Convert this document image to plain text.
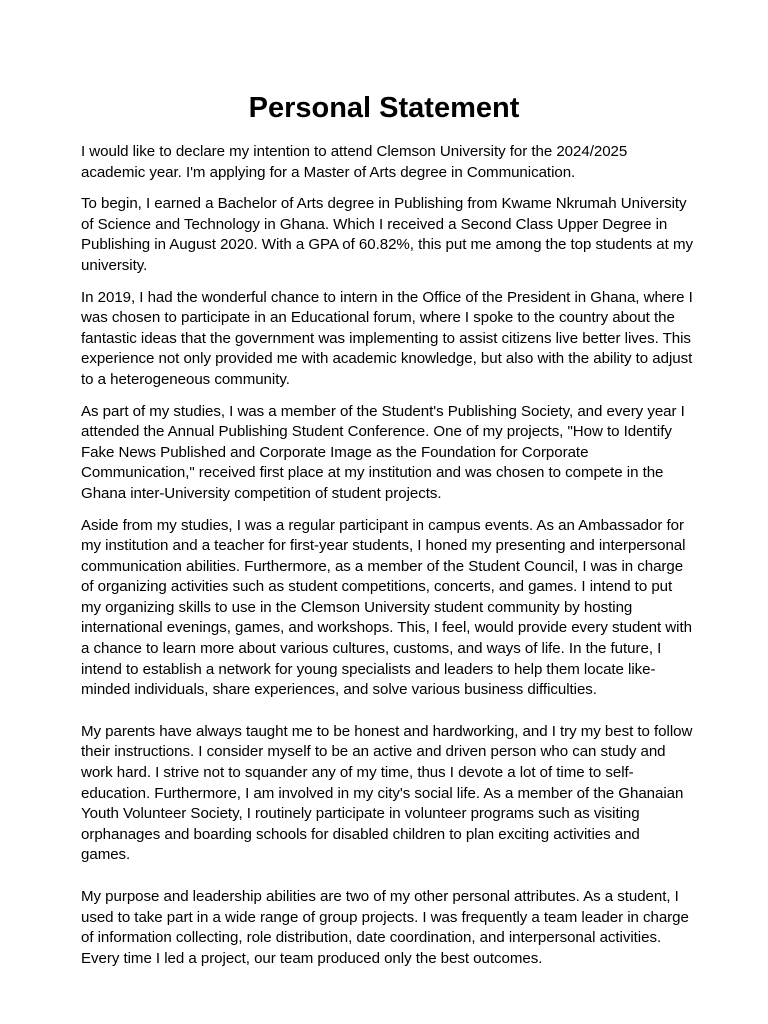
Personal Statement

I would like to declare my intention to attend Clemson University for the 2024/2025 academic year. I'm applying for a Master of Arts degree in Communication.

To begin, I earned a Bachelor of Arts degree in Publishing from Kwame Nkrumah University of Science and Technology in Ghana. Which I received a Second Class Upper Degree in Publishing in August 2020. With a GPA of 60.82%, this put me among the top students at my university.

In 2019, I had the wonderful chance to intern in the Office of the President in Ghana, where I was chosen to participate in an Educational forum, where I spoke to the country about the fantastic ideas that the government was implementing to assist citizens live better lives. This experience not only provided me with academic knowledge, but also with the ability to adjust to a heterogeneous community.

As part of my studies, I was a member of the Student's Publishing Society, and every year I attended the Annual Publishing Student Conference. One of my projects, "How to Identify Fake News Published and Corporate Image as the Foundation for Corporate Communication," received first place at my institution and was chosen to compete in the Ghana inter-University competition of student projects.

Aside from my studies, I was a regular participant in campus events. As an Ambassador for my institution and a teacher for first-year students, I honed my presenting and interpersonal communication abilities. Furthermore, as a member of the Student Council, I was in charge of organizing activities such as student competitions, concerts, and games. I intend to put my organizing skills to use in the Clemson University student community by hosting international evenings, games, and workshops. This, I feel, would provide every student with a chance to learn more about various cultures, customs, and ways of life. In the future, I intend to establish a network for young specialists and leaders to help them locate like-minded individuals, share experiences, and solve various business difficulties.

My parents have always taught me to be honest and hardworking, and I try my best to follow their instructions. I consider myself to be an active and driven person who can study and work hard. I strive not to squander any of my time, thus I devote a lot of time to self-education. Furthermore, I am involved in my city's social life. As a member of the Ghanaian Youth Volunteer Society, I routinely participate in volunteer programs such as visiting orphanages and boarding schools for disabled children to plan exciting activities and games.

My purpose and leadership abilities are two of my other personal attributes. As a student, I used to take part in a wide range of group projects. I was frequently a team leader in charge of information collecting, role distribution, date coordination, and interpersonal activities. Every time I led a project, our team produced only the best outcomes.
